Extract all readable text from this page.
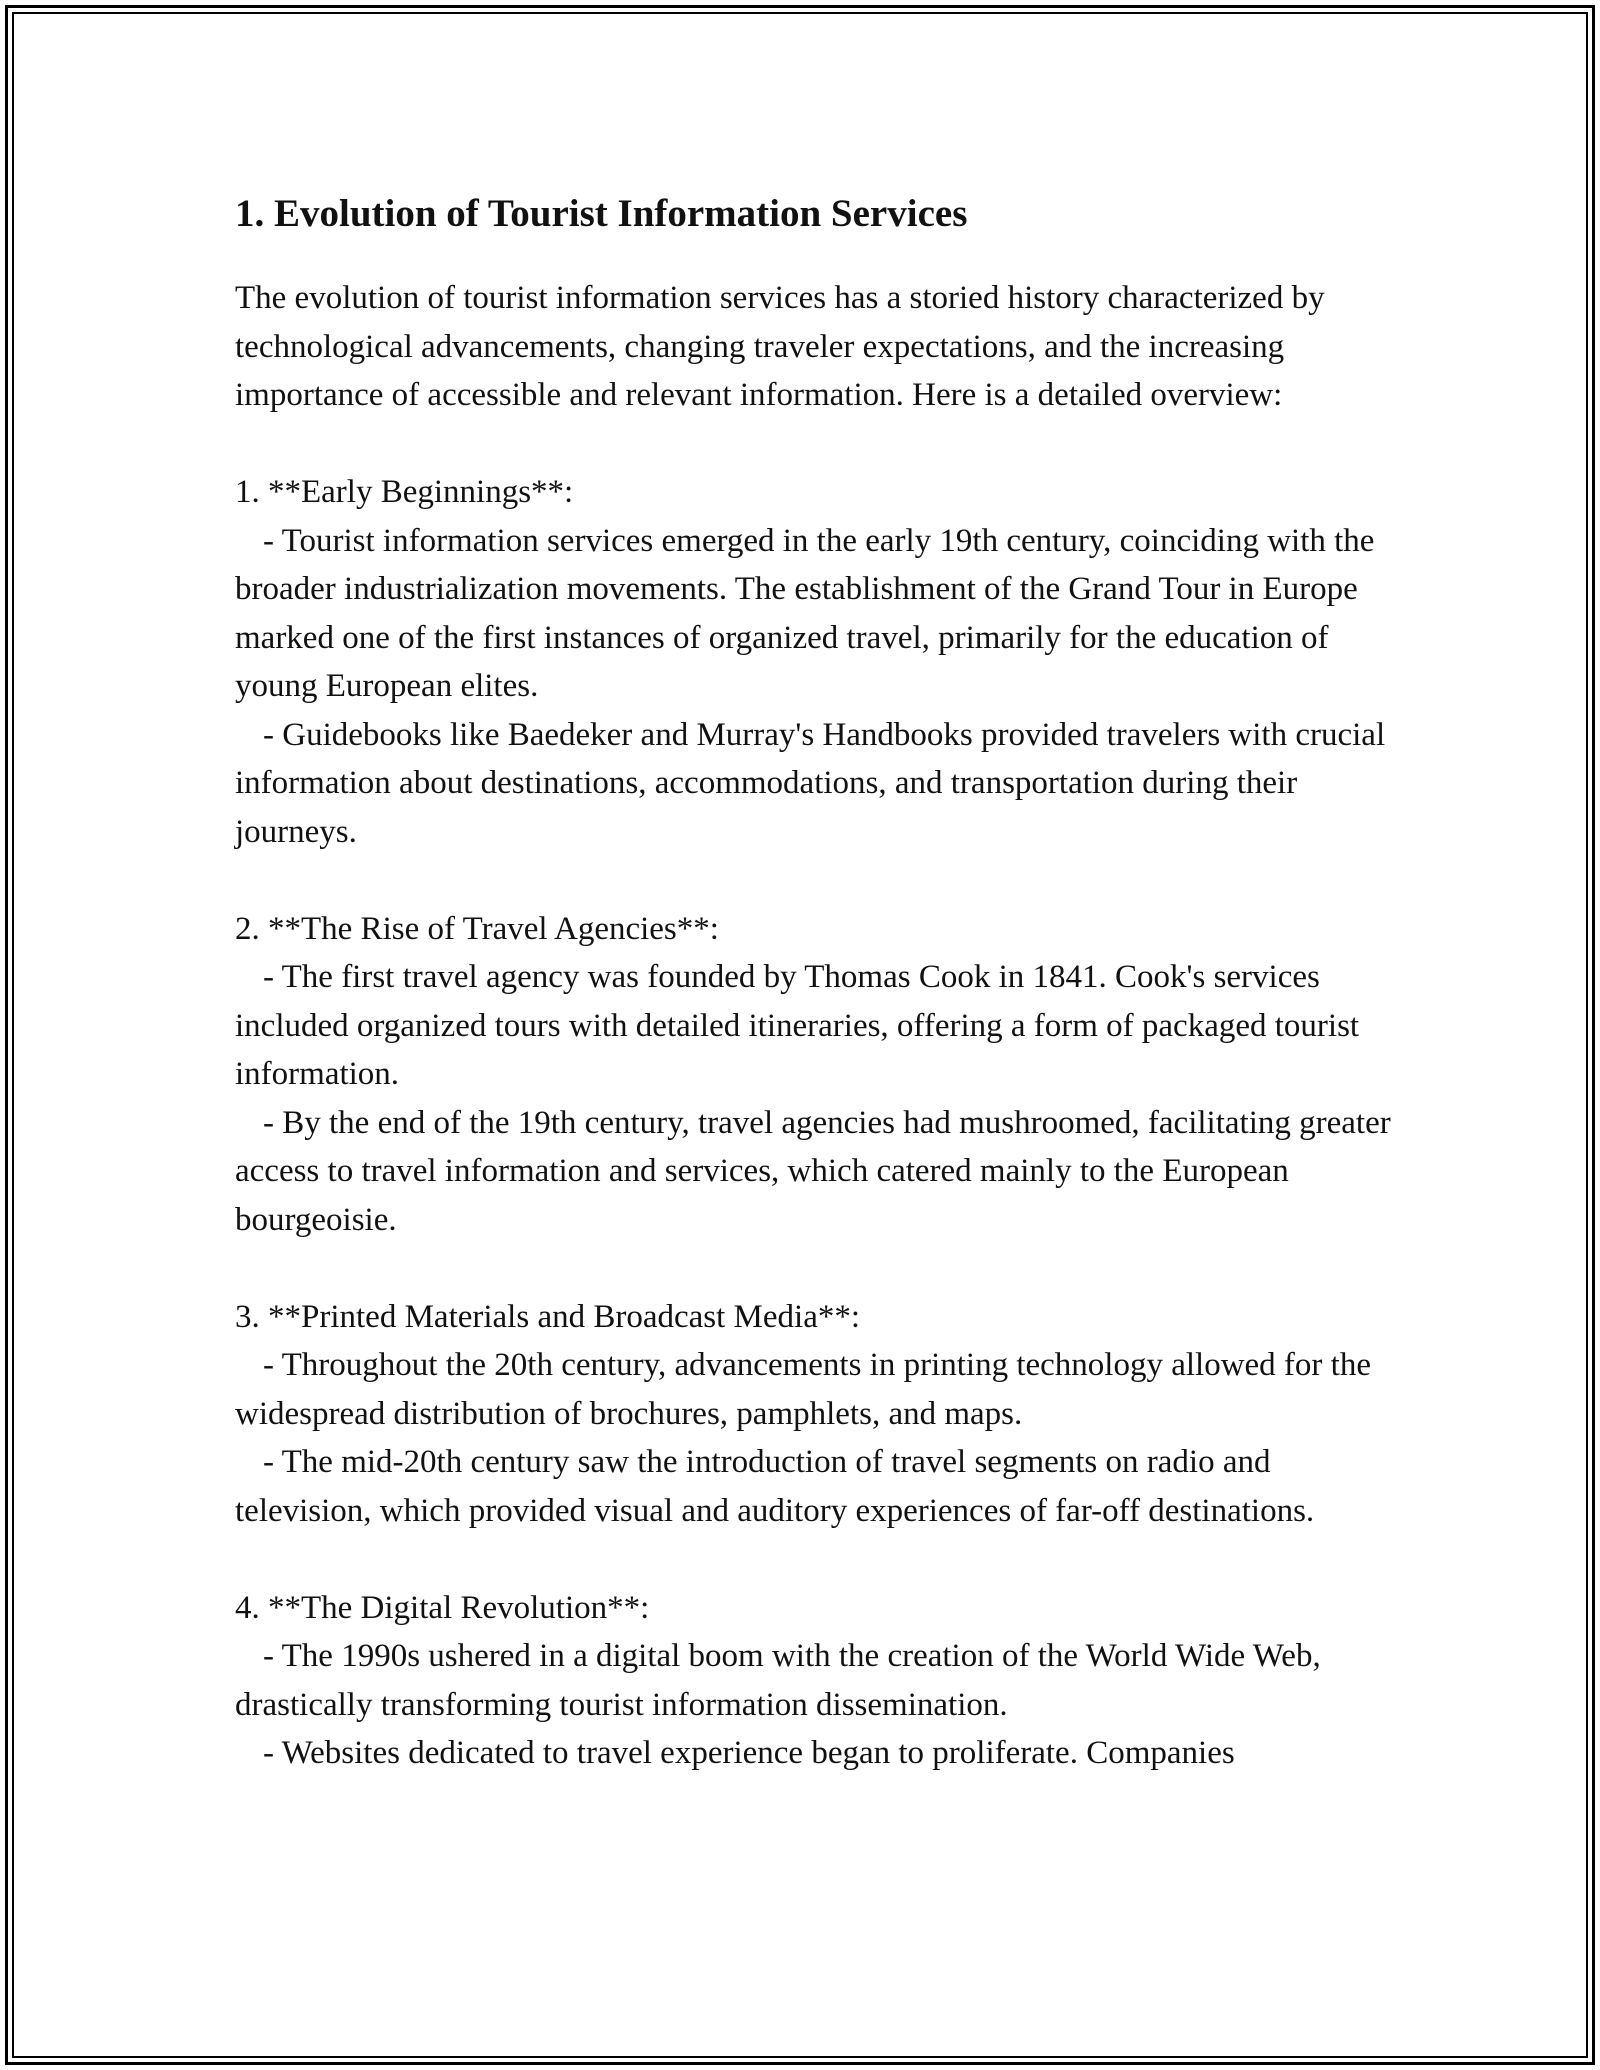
1. Evolution of Tourist Information Services

The evolution of tourist information services has a storied history characterized by technological advancements, changing traveler expectations, and the increasing importance of accessible and relevant information. Here is a detailed overview:

1. **Early Beginnings**:

- Tourist information services emerged in the early 19th century, coinciding with the broader industrialization movements. The establishment of the Grand Tour in Europe marked one of the first instances of organized travel, primarily for the education of young European elites.

- Guidebooks like Baedeker and Murray's Handbooks provided travelers with crucial information about destinations, accommodations, and transportation during their journeys.

2. **The Rise of Travel Agencies**:

- The first travel agency was founded by Thomas Cook in 1841. Cook's services included organized tours with detailed itineraries, offering a form of packaged tourist information.

- By the end of the 19th century, travel agencies had mushroomed, facilitating greater access to travel information and services, which catered mainly to the European bourgeoisie.

3. **Printed Materials and Broadcast Media**:

- Throughout the 20th century, advancements in printing technology allowed for the widespread distribution of brochures, pamphlets, and maps.

- The mid-20th century saw the introduction of travel segments on radio and television, which provided visual and auditory experiences of far-off destinations.

4. **The Digital Revolution**:

- The 1990s ushered in a digital boom with the creation of the World Wide Web, drastically transforming tourist information dissemination.

- Websites dedicated to travel experience began to proliferate. Companies
